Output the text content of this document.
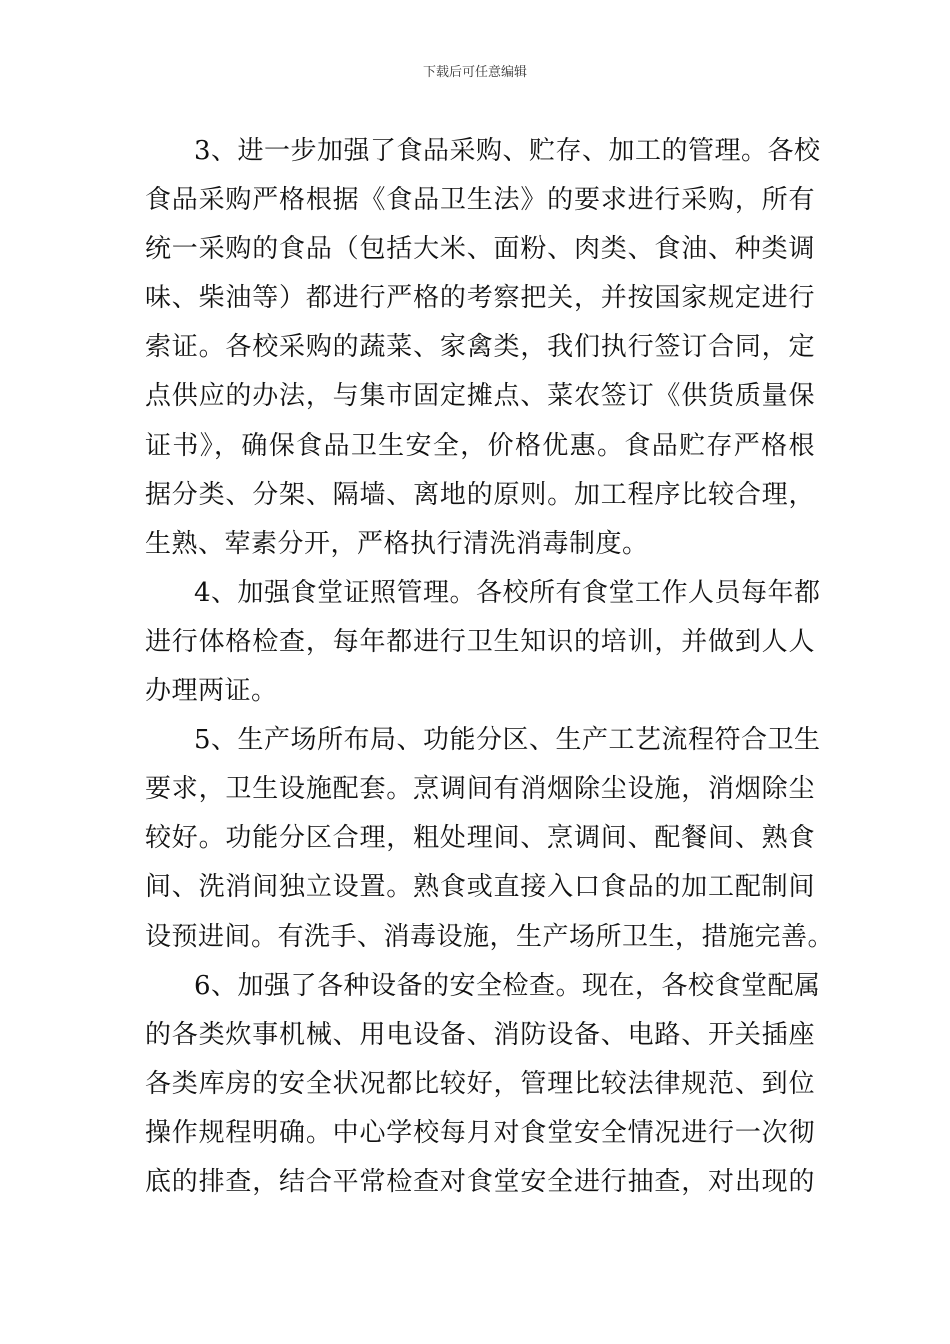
下载后可任意编辑

3、进一步加强了食品采购、贮存、加工的管理。各校
食品采购严格根据《食品卫生法》的要求进行采购，所有
统一采购的食品（包括大米、面粉、肉类、食油、种类调
味、柴油等）都进行严格的考察把关，并按国家规定进行
索证。各校采购的蔬菜、家禽类，我们执行签订合同，定
点供应的办法，与集市固定摊点、菜农签订《供货质量保
证书》，确保食品卫生安全，价格优惠。食品贮存严格根
据分类、分架、隔墙、离地的原则。加工程序比较合理，
生熟、荤素分开，严格执行清洗消毒制度。

4、加强食堂证照管理。各校所有食堂工作人员每年都
进行体格检查，每年都进行卫生知识的培训，并做到人人
办理两证。

5、生产场所布局、功能分区、生产工艺流程符合卫生
要求，卫生设施配套。烹调间有消烟除尘设施，消烟除尘
较好。功能分区合理，粗处理间、烹调间、配餐间、熟食
间、洗消间独立设置。熟食或直接入口食品的加工配制间
设预进间。有洗手、消毒设施，生产场所卫生，措施完善。

6、加强了各种设备的安全检查。现在，各校食堂配属
的各类炊事机械、用电设备、消防设备、电路、开关插座
各类库房的安全状况都比较好，管理比较法律规范、到位
操作规程明确。中心学校每月对食堂安全情况进行一次彻
底的排查，结合平常检查对食堂安全进行抽查，对出现的
